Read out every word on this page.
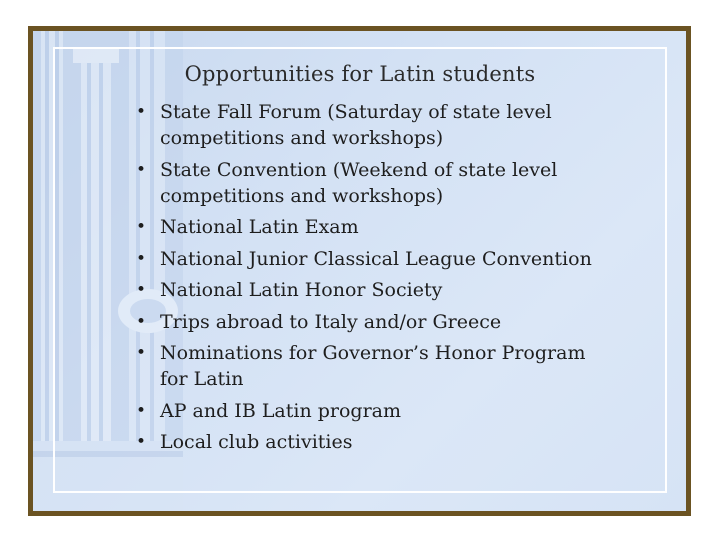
Opportunities for Latin students
• State Fall Forum (Saturday of state level competitions and workshops)
• State Convention (Weekend of state level competitions and workshops)
• National Latin Exam
• National Junior Classical League Convention
• National Latin Honor Society
• Trips abroad to Italy and/or Greece
• Nominations for Governor’s Honor Program for Latin
• AP and IB Latin program
• Local club activities
